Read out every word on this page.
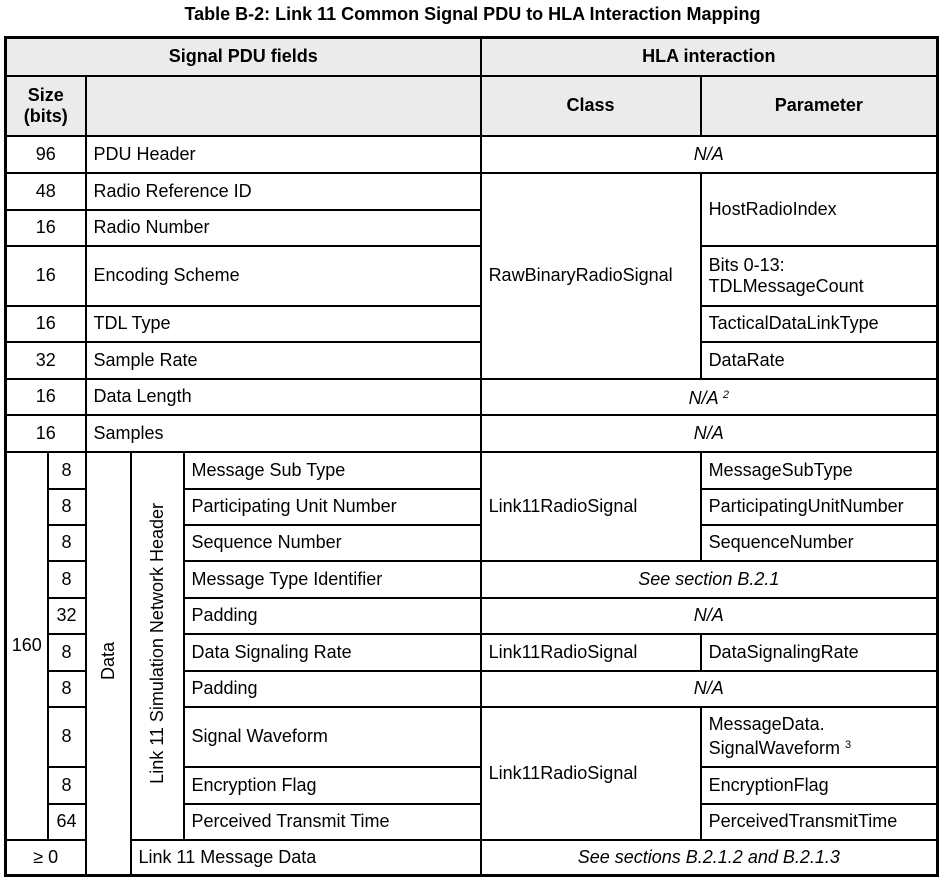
Table B-2: Link 11 Common Signal PDU to HLA Interaction Mapping
Signal PDU fields					HLA interaction	
Size (bits)					Class	Parameter
96		PDU Header			N/A	
48		Radio Reference ID			RawBinaryRadioSignal	HostRadioIndex
16		Radio Number				
16		Encoding Scheme				Bits 0-13: TDLMessageCount
16		TDL Type				TacticalDataLinkType
32		Sample Rate				DataRate
16		Data Length			N/A $^2$
16		Samples			N/A	
160	8	Data	Link 11 Simulation Network Header	Message Sub Type	Link11RadioSignal	MessageSubType
	8			Participating Unit Number		ParticipatingUnitNumber
	8			Sequence Number		SequenceNumber
	8			Message Type Identifier	See section B.2.1	
	32			Padding	N/A	
	8			Data Signaling Rate	Link11RadioSignal	DataSignalingRate
	8			Padding	N/A	
	8			Signal Waveform	Link11RadioSignal	MessageData. SignalWaveform $^3$
	8			Encryption Flag		EncryptionFlag
	64			Perceived Transmit Time		PerceivedTransmitTime
≥ 0			Link 11 Message Data		See sections B.2.1.2 and B.2.1.3	
